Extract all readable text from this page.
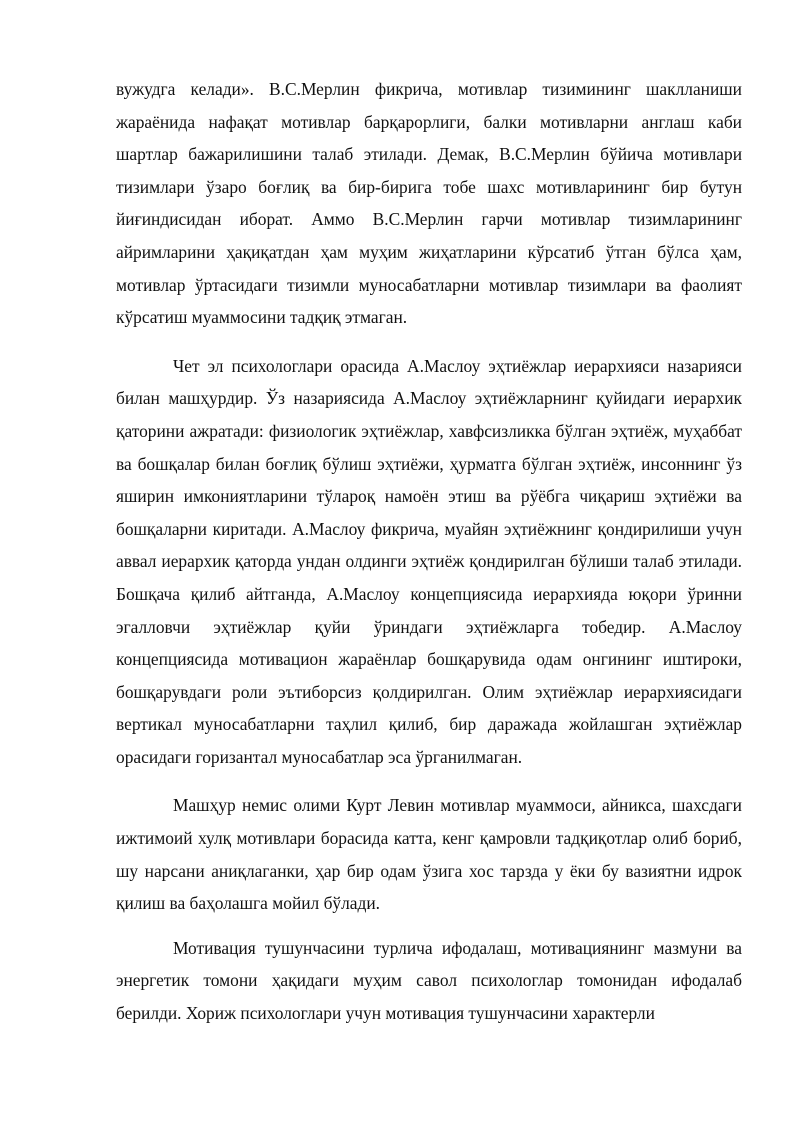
вужудга келади». В.С.Мерлин фикрича, мотивлар тизимининг шаклланиши жараёнида нафақат мотивлар барқарорлиги, балки мотивларни англаш каби шартлар бажарилишини талаб этилади. Демак, В.С.Мерлин бўйича мотивлари тизимлари ўзаро боғлиқ ва бир-бирига тобе шахс мотивларининг бир бутун йиғиндисидан иборат. Аммо В.С.Мерлин гарчи мотивлар тизимларининг айримларини ҳақиқатдан ҳам муҳим жиҳатларини кўрсатиб ўтган бўлса ҳам, мотивлар ўртасидаги тизимли муносабатларни мотивлар тизимлари ва фаолият кўрсатиш муаммосини тадқиқ этмаган.

Чет эл психологлари орасида А.Маслоу эҳтиёжлар иерархияси назарияси билан машҳурдир. Ўз назариясида А.Маслоу эҳтиёжларнинг қуйидаги иерархик қаторини ажратади: физиологик эҳтиёжлар, хавфсизликка бўлган эҳтиёж, муҳаббат ва бошқалар билан боғлиқ бўлиш эҳтиёжи, ҳурматга бўлган эҳтиёж, инсоннинг ўз яширин имкониятларини тўларoқ намоён этиш ва рўёбга чиқариш эҳтиёжи ва бошқаларни киритади. А.Маслоу фикрича, муайян эҳтиёжнинг қондирилиши учун аввал иерархик қаторда ундан олдинги эҳтиёж қондирилган бўлиши талаб этилади. Бошқача қилиб айтганда, А.Маслоу концепциясида иерархияда юқори ўринни эгалловчи эҳтиёжлар қуйи ўриндаги эҳтиёжларга тобедир. А.Маслоу концепциясида мотивацион жараёнлар бошқарувида одам онгининг иштироки, бошқарувдаги роли эътиборсиз қолдирилган. Олим эҳтиёжлар иерархиясидаги вертикал муносабатларни таҳлил қилиб, бир даражада жойлашган эҳтиёжлар орасидаги горизантал муносабатлар эса ўрганилмаган.

Машҳур немис олими Курт Левин мотивлар муаммоси, айникса, шахсдаги ижтимоий хулқ мотивлари борасида катта, кенг қамровли тадқиқотлар олиб бориб, шу нарсани аниқлаганки, ҳар бир одам ўзига хос тарзда у ёки бу вазиятни идрок қилиш ва баҳолашга мойил бўлади.

Мотивация тушунчасини турлича ифодалаш, мотивациянинг мазмуни ва энергетик томони ҳақидаги муҳим савол психологлар томонидан ифодалаб берилди. Хориж психологлари учун мотивация тушунчасини характерли
